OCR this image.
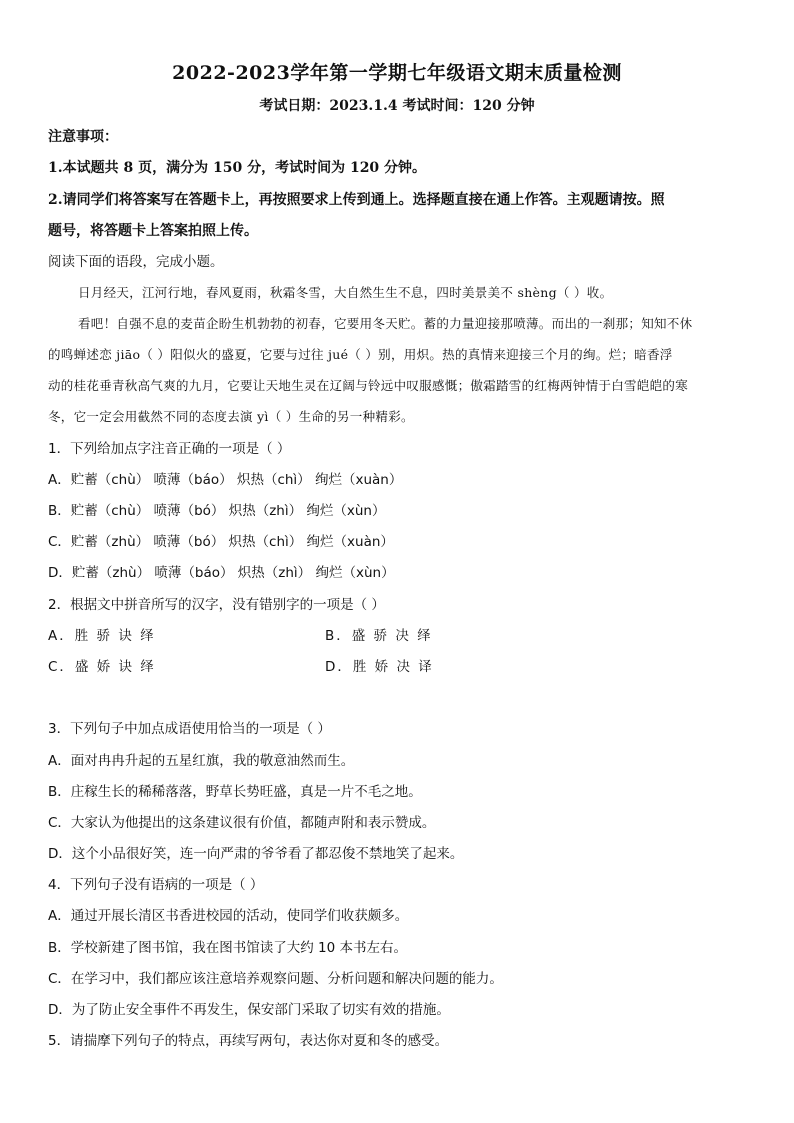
2022-2023学年第一学期七年级语文期末质量检测
考试日期：2023.1.4 考试时间：120 分钟
注意事项：
1.本试题共 8 页，满分为 150 分，考试时间为 120 分钟。
2.请同学们将答案写在答题卡上，再按照要求上传到通上。选择题直接在通上作答。主观题请按。照
题号，将答题卡上答案拍照上传。
阅读下面的语段，完成小题。
日月经天，江河行地，春风夏雨，秋霜冬雪，大自然生生不息，四时美景美不 shèng（ ）收。
看吧！自强不息的麦苗企盼生机勃勃的初春，它要用冬天贮。蓄的力量迎接那喷薄。而出的一刹那；知知不休
的鸣蝉述恋 jiāo（ ）阳似火的盛夏，它要与过往 jué（ ）别，用炽。热的真情来迎接三个月的绚。烂；暗香浮
动的桂花垂青秋高气爽的九月，它要让天地生灵在辽阔与铃远中叹服感慨；傲霜踏雪的红梅两钟情于白雪皑皑的寒
冬，它一定会用截然不同的态度去演 yì（ ）生命的另一种精彩。
1．下列给加点字注音正确的一项是（ ）
A．贮蓄（chù） 喷薄（báo） 炽热（chì） 绚烂（xuàn）
B．贮蓄（chù） 喷薄（bó） 炽热（zhì） 绚烂（xùn）
C．贮蓄（zhù） 喷薄（bó） 炽热（chì） 绚烂（xuàn）
D．贮蓄（zhù） 喷薄（báo） 炽热（zhì） 绚烂（xùn）
2．根据文中拼音所写的汉字，没有错别字的一项是（ ）
A．胜 骄 诀 绎	B．盛 骄 决 绎
C．盛 娇 诀 绎	D．胜 娇 决 译
3．下列句子中加点成语使用恰当的一项是（ ）
A．面对冉冉升起的五星红旗，我的敬意油然而生。
B．庄稼生长的稀稀落落，野草长势旺盛，真是一片不毛之地。
C．大家认为他提出的这条建议很有价值，都随声附和表示赞成。
D．这个小品很好笑，连一向严肃的爷爷看了都忍俊不禁地笑了起来。
4．下列句子没有语病的一项是（ ）
A．通过开展长清区书香进校园的活动，使同学们收获颇多。
B．学校新建了图书馆，我在图书馆读了大约 10 本书左右。
C．在学习中，我们都应该注意培养观察问题、分析问题和解决问题的能力。
D．为了防止安全事件不再发生，保安部门采取了切实有效的措施。
5．请揣摩下列句子的特点，再续写两句，表达你对夏和冬的感受。
